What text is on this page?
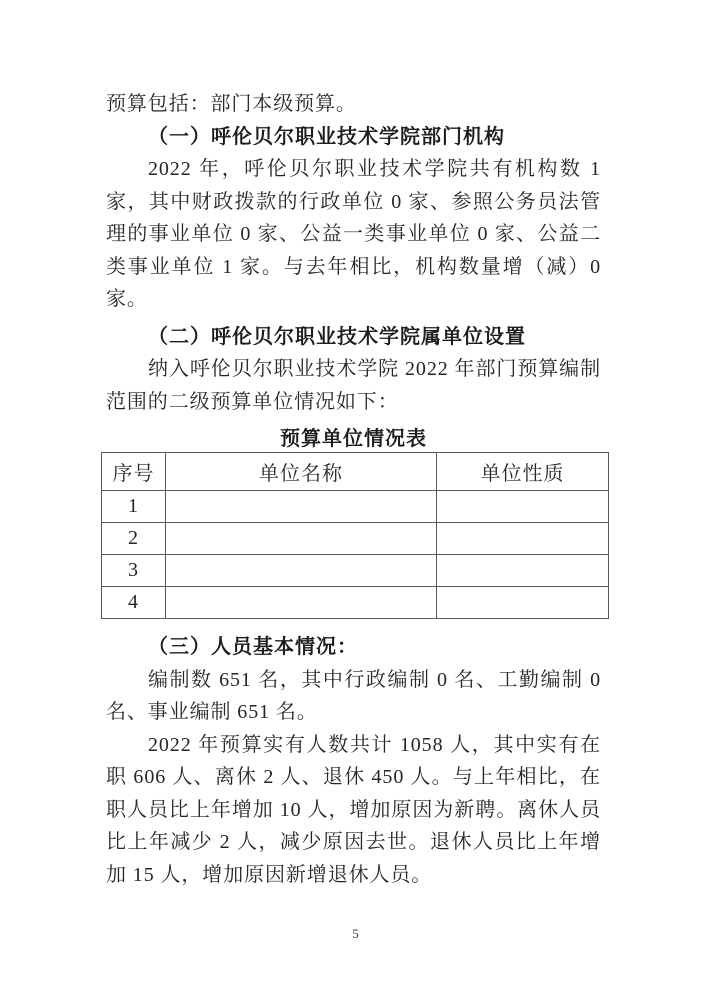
预算包括：部门本级预算。

（一）呼伦贝尔职业技术学院部门机构

2022 年，呼伦贝尔职业技术学院共有机构数 1 家，其中财政拨款的行政单位 0 家、参照公务员法管理的事业单位 0 家、公益一类事业单位 0 家、公益二类事业单位 1 家。与去年相比，机构数量增（减）0 家。

（二）呼伦贝尔职业技术学院属单位设置

纳入呼伦贝尔职业技术学院 2022 年部门预算编制范围的二级预算单位情况如下：

预算单位情况表
序号	单位名称	单位性质
1		
2		
3		
4		
（三）人员基本情况：

编制数 651 名，其中行政编制 0 名、工勤编制 0 名、事业编制 651 名。

2022 年预算实有人数共计 1058 人，其中实有在职 606 人、离休 2 人、退休 450 人。与上年相比，在职人员比上年增加 10 人，增加原因为新聘。离休人员比上年减少 2 人，减少原因去世。退休人员比上年增加 15 人，增加原因新增退休人员。

5
